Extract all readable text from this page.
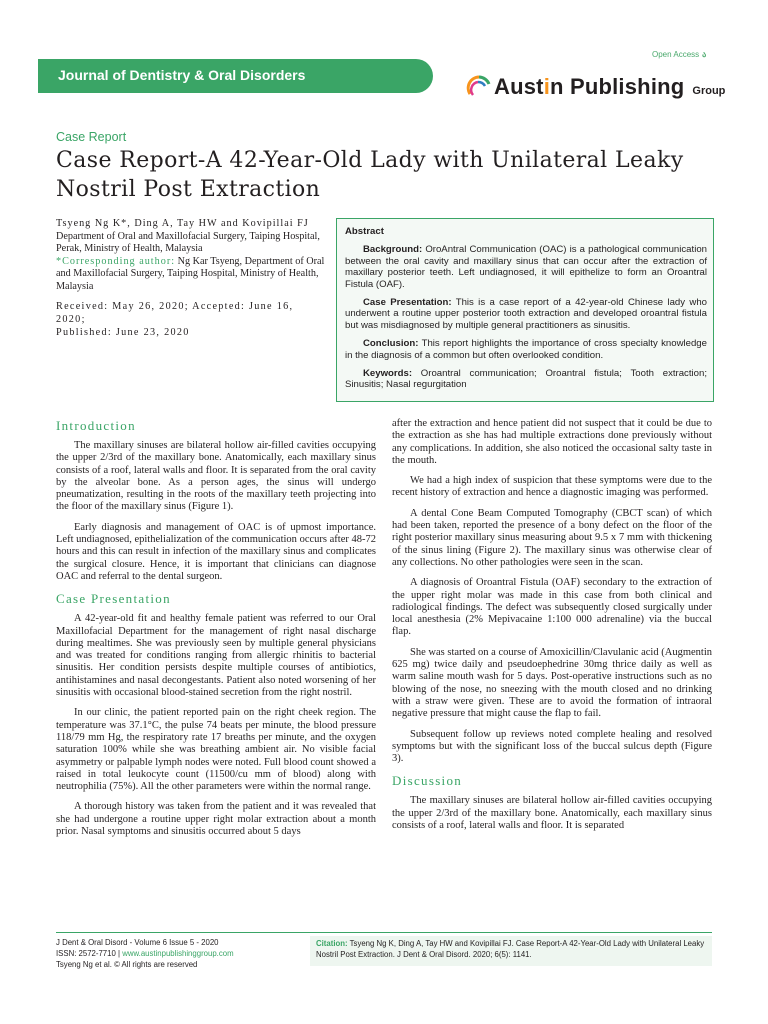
Open Access ა
Journal of Dentistry & Oral Disorders	Austin Publishing Group
Case Report
Case Report-A 42-Year-Old Lady with Unilateral Leaky
Nostril Post Extraction
Tsyeng Ng K*, Ding A, Tay HW and Kovipillai FJ
Department of Oral and Maxillofacial Surgery, Taiping Hospital, Perak, Ministry of Health, Malaysia
*Corresponding author: Ng Kar Tsyeng, Department of Oral and Maxillofacial Surgery, Taiping Hospital, Ministry of Health, Malaysia
Received: May 26, 2020; Accepted: June 16, 2020;
Published: June 23, 2020
Abstract

Background: OroAntral Communication (OAC) is a pathological communication between the oral cavity and maxillary sinus that can occur after the extraction of maxillary posterior teeth. Left undiagnosed, it will epithelize to form an Oroantral Fistula (OAF).

Case Presentation: This is a case report of a 42-year-old Chinese lady who underwent a routine upper posterior tooth extraction and developed oroantral fistula but was misdiagnosed by multiple general practitioners as sinusitis.

Conclusion: This report highlights the importance of cross specialty knowledge in the diagnosis of a common but often overlooked condition.

Keywords: Oroantral communication; Oroantral fistula; Tooth extraction; Sinusitis; Nasal regurgitation

Introduction

The maxillary sinuses are bilateral hollow air-filled cavities occupying the upper 2/3rd of the maxillary bone. Anatomically, each maxillary sinus consists of a roof, lateral walls and floor. It is separated from the oral cavity by the alveolar bone. As a person ages, the sinus will undergo pneumatization, resulting in the roots of the maxillary teeth projecting into the floor of the maxillary sinus (Figure 1).

Early diagnosis and management of OAC is of upmost importance. Left undiagnosed, epithelialization of the communication occurs after 48-72 hours and this can result in infection of the maxillary sinus and complicates the surgical closure. Hence, it is important that clinicians can diagnose OAC and referral to the dental surgeon.

Case Presentation

A 42-year-old fit and healthy female patient was referred to our Oral Maxillofacial Department for the management of right nasal discharge during mealtimes. She was previously seen by multiple general physicians and was treated for conditions ranging from allergic rhinitis to bacterial sinusitis. Her condition persists despite multiple courses of antibiotics, antihistamines and nasal decongestants. Patient also noted worsening of her sinusitis with occasional blood-stained secretion from the right nostril.

In our clinic, the patient reported pain on the right cheek region. The temperature was 37.1°C, the pulse 74 beats per minute, the blood pressure 118/79 mm Hg, the respiratory rate 17 breaths per minute, and the oxygen saturation 100% while she was breathing ambient air. No visible facial asymmetry or palpable lymph nodes were noted. Full blood count showed a raised in total leukocyte count (11500/cu mm of blood) along with neutrophilia (75%). All the other parameters were within the normal range.

A thorough history was taken from the patient and it was revealed that she had undergone a routine upper right molar extraction about a month prior. Nasal symptoms and sinusitis occurred about 5 days

after the extraction and hence patient did not suspect that it could be due to the extraction as she has had multiple extractions done previously without any complications. In addition, she also noticed the occasional salty taste in the mouth.

We had a high index of suspicion that these symptoms were due to the recent history of extraction and hence a diagnostic imaging was performed.

A dental Cone Beam Computed Tomography (CBCT scan) of which had been taken, reported the presence of a bony defect on the floor of the right posterior maxillary sinus measuring about 9.5 x 7 mm with thickening of the sinus lining (Figure 2). The maxillary sinus was otherwise clear of any collections. No other pathologies were seen in the scan.

A diagnosis of Oroantral Fistula (OAF) secondary to the extraction of the upper right molar was made in this case from both clinical and radiological findings. The defect was subsequently closed surgically under local anesthesia (2% Mepivacaine 1:100 000 adrenaline) via the buccal flap.

She was started on a course of Amoxicillin/Clavulanic acid (Augmentin 625 mg) twice daily and pseudoephedrine 30mg thrice daily as well as warm saline mouth wash for 5 days. Post-operative instructions such as no blowing of the nose, no sneezing with the mouth closed and no drinking with a straw were given. These are to avoid the formation of intraoral negative pressure that might cause the flap to fail.

Subsequent follow up reviews noted complete healing and resolved symptoms but with the significant loss of the buccal sulcus depth (Figure 3).

Discussion

The maxillary sinuses are bilateral hollow air-filled cavities occupying the upper 2/3rd of the maxillary bone. Anatomically, each maxillary sinus consists of a roof, lateral walls and floor. It is separated

J Dent & Oral Disord - Volume 6 Issue 5 - 2020
ISSN: 2572-7710 | www.austinpublishinggroup.com
Tsyeng Ng et al. © All rights are reserved
Citation: Tsyeng Ng K, Ding A, Tay HW and Kovipillai FJ. Case Report-A 42-Year-Old Lady with Unilateral Leaky Nostril Post Extraction. J Dent & Oral Disord. 2020; 6(5): 1141.
